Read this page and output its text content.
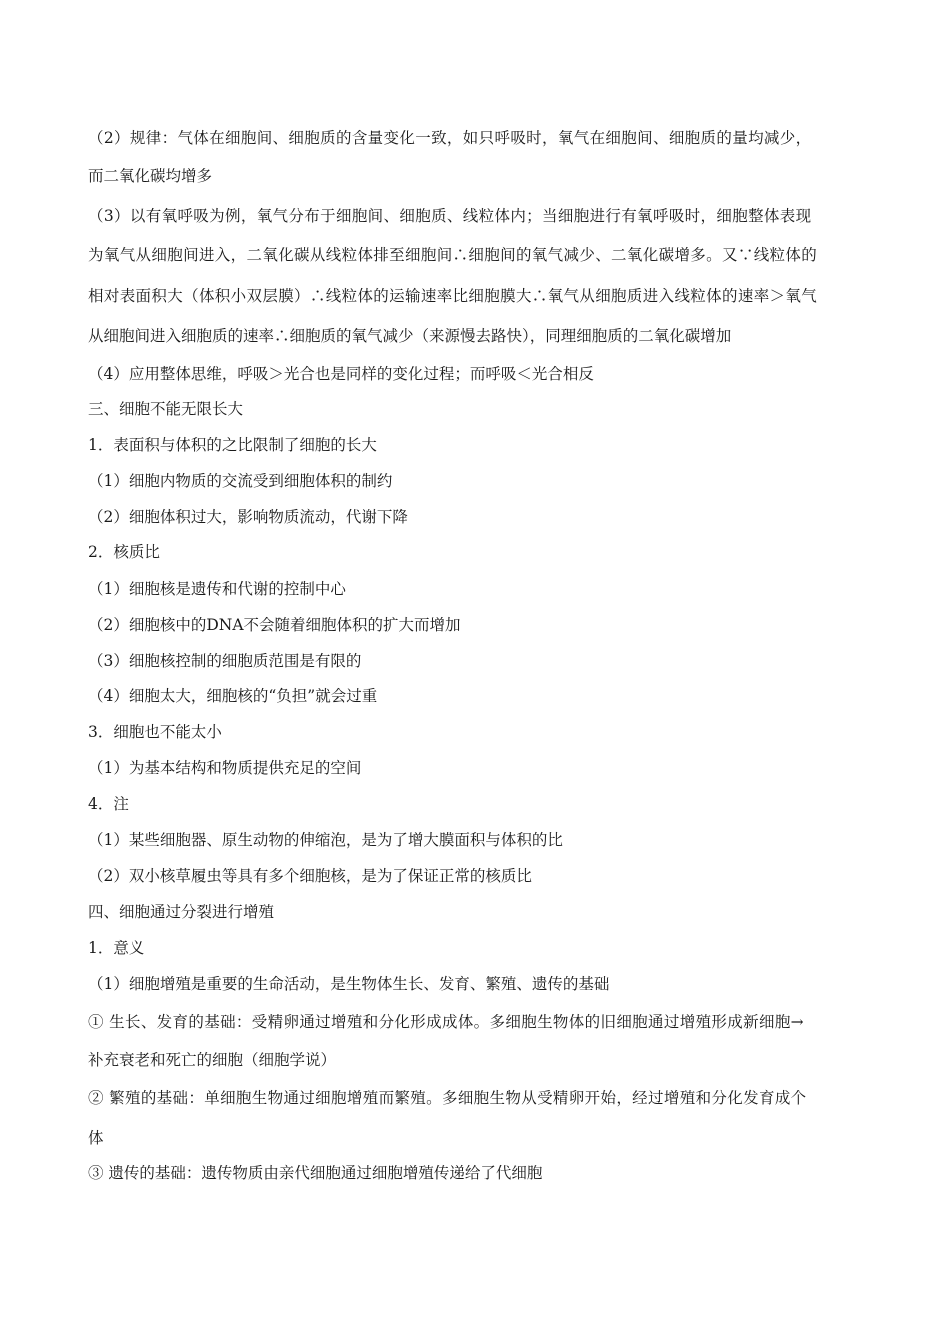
（2）规律：气体在细胞间、细胞质的含量变化一致，如只呼吸时，氧气在细胞间、细胞质的量均减少，
而二氧化碳均增多
（3）以有氧呼吸为例，氧气分布于细胞间、细胞质、线粒体内；当细胞进行有氧呼吸时，细胞整体表现
为氧气从细胞间进入，二氧化碳从线粒体排至细胞间∴细胞间的氧气减少、二氧化碳增多。又∵线粒体的
相对表面积大（体积小双层膜）∴线粒体的运输速率比细胞膜大∴氧气从细胞质进入线粒体的速率＞氧气
从细胞间进入细胞质的速率∴细胞质的氧气减少（来源慢去路快），同理细胞质的二氧化碳增加
（4）应用整体思维，呼吸＞光合也是同样的变化过程；而呼吸＜光合相反
三、细胞不能无限长大
1．表面积与体积的之比限制了细胞的长大
（1）细胞内物质的交流受到细胞体积的制约
（2）细胞体积过大，影响物质流动，代谢下降
2．核质比
（1）细胞核是遗传和代谢的控制中心
（2）细胞核中的DNA不会随着细胞体积的扩大而增加
（3）细胞核控制的细胞质范围是有限的
（4）细胞太大，细胞核的“负担”就会过重
3．细胞也不能太小
（1）为基本结构和物质提供充足的空间
4．注
（1）某些细胞器、原生动物的伸缩泡，是为了增大膜面积与体积的比
（2）双小核草履虫等具有多个细胞核，是为了保证正常的核质比
四、细胞通过分裂进行增殖
1．意义
（1）细胞增殖是重要的生命活动，是生物体生长、发育、繁殖、遗传的基础
① 生长、发育的基础：受精卵通过增殖和分化形成成体。多细胞生物体的旧细胞通过增殖形成新细胞→
补充衰老和死亡的细胞（细胞学说）
② 繁殖的基础：单细胞生物通过细胞增殖而繁殖。多细胞生物从受精卵开始，经过增殖和分化发育成个
体
③ 遗传的基础：遗传物质由亲代细胞通过细胞增殖传递给了代细胞
